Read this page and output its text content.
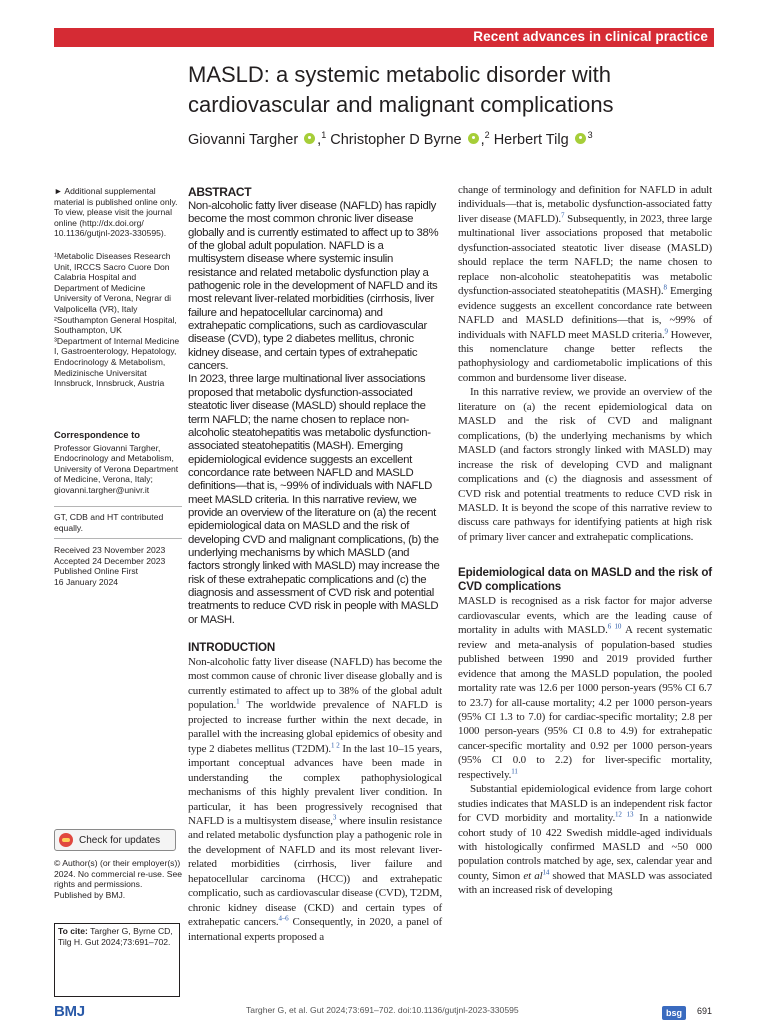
Recent advances in clinical practice
MASLD: a systemic metabolic disorder with cardiovascular and malignant complications
Giovanni Targher ,$^1$ Christopher D Byrne ,$^2$ Herbert Tilg $^3$

► Additional supplemental material is published online only. To view, please visit the journal online (http://dx.doi.org/ 10.1136/gutjnl-2023-330595).

¹Metabolic Diseases Research Unit, IRCCS Sacro Cuore Don Calabria Hospital and Department of Medicine University of Verona, Negrar di Valpolicella (VR), Italy

²Southampton General Hospital, Southampton, UK

³Department of Internal Medicine I, Gastroenterology, Hepatology, Endocrinology & Metabolism, Medizinische Universitat Innsbruck, Innsbruck, Austria

Correspondence to

Professor Giovanni Targher, Endocrinology and Metabolism, University of Verona Department of Medicine, Verona, Italy; giovanni.targher@univr.it

GT, CDB and HT contributed equally.

Received 23 November 2023

Accepted 24 December 2023

Published Online First

16 January 2024

Check for updates

© Author(s) (or their employer(s)) 2024. No commercial re-use. See rights and permissions. Published by BMJ.

To cite: Targher G, Byrne CD, Tilg H. Gut 2024;73:691–702.

ABSTRACT

Non-alcoholic fatty liver disease (NAFLD) has rapidly become the most common chronic liver disease globally and is currently estimated to affect up to 38% of the global adult population. NAFLD is a multisystem disease where systemic insulin resistance and related metabolic dysfunction play a pathogenic role in the development of NAFLD and its most relevant liver-related morbidities (cirrhosis, liver failure and hepatocellular carcinoma) and extrahepatic complications, such as cardiovascular disease (CVD), type 2 diabetes mellitus, chronic kidney disease, and certain types of extrahepatic cancers.

In 2023, three large multinational liver associations proposed that metabolic dysfunction-associated steatotic liver disease (MASLD) should replace the term NAFLD; the name chosen to replace non-alcoholic steatohepatitis was metabolic dysfunction-associated steatohepatitis (MASH). Emerging epidemiological evidence suggests an excellent concordance rate between NAFLD and MASLD definitions—that is, ~99% of individuals with NAFLD meet MASLD criteria. In this narrative review, we provide an overview of the literature on (a) the recent epidemiological data on MASLD and the risk of developing CVD and malignant complications, (b) the underlying mechanisms by which MASLD (and factors strongly linked with MASLD) may increase the risk of these extrahepatic complications and (c) the diagnosis and assessment of CVD risk and potential treatments to reduce CVD risk in people with MASLD or MASH.

INTRODUCTION

Non-alcoholic fatty liver disease (NAFLD) has become the most common cause of chronic liver disease globally and is currently estimated to affect up to 38% of the global adult population.$^1$ The worldwide prevalence of NAFLD is projected to increase further within the next decade, in parallel with the increasing global epidemics of obesity and type 2 diabetes mellitus (T2DM).$^{1 2}$ In the last 10–15 years, important conceptual advances have been made in understanding the complex pathophysiological mechanisms of this highly prevalent liver condition. In particular, it has been progressively recognised that NAFLD is a multisystem disease,$^3$ where insulin resistance and related metabolic dysfunction play a pathogenic role in the development of NAFLD and its most relevant liver-related morbidities (cirrhosis, liver failure and hepatocellular carcinoma (HCC)) and extrahepatic complicatio, such as cardiovascular disease (CVD), T2DM, chronic kidney disease (CKD) and certain types of extrahepatic cancers.$^{4-6}$ Consequently, in 2020, a panel of international experts proposed a

change of terminology and definition for NAFLD in adult individuals—that is, metabolic dysfunction-associated fatty liver disease (MAFLD).$^7$ Subsequently, in 2023, three large multinational liver associations proposed that metabolic dysfunction-associated steatotic liver disease (MASLD) should replace the term NAFLD; the name chosen to replace non-alcoholic steatohepatitis was metabolic dysfunction-associated steatohepatitis (MASH).$^8$ Emerging evidence suggests an excellent concordance rate between NAFLD and MASLD definitions—that is, ~99% of individuals with NAFLD meet MASLD criteria.$^9$ However, this nomenclature change better reflects the pathophysiology and cardiometabolic implications of this common and burdensome liver disease.

In this narrative review, we provide an overview of the literature on (a) the recent epidemiological data on MASLD and the risk of CVD and malignant complications, (b) the underlying mechanisms by which MASLD (and factors strongly linked with MASLD) may increase the risk of developing CVD and malignant complications and (c) the diagnosis and assessment of CVD risk and potential treatments to reduce CVD risk in MASLD. It is beyond the scope of this narrative review to discuss care pathways for identifying patients at high risk of primary liver cancer and extrahepatic complications.

Epidemiological data on MASLD and the risk of CVD complications

MASLD is recognised as a risk factor for major adverse cardiovascular events, which are the leading cause of mortality in adults with MASLD.$^{6 10}$ A recent systematic review and meta-analysis of population-based studies published between 1990 and 2019 provided further evidence that among the MASLD population, the pooled mortality rate was 12.6 per 1000 person-years (95% CI 6.7 to 23.7) for all-cause mortality; 4.2 per 1000 person-years (95% CI 1.3 to 7.0) for cardiac-specific mortality; 2.8 per 1000 person-years (95% CI 0.8 to 4.9) for extrahepatic cancer-specific mortality and 0.92 per 1000 person-years (95% CI 0.0 to 2.2) for liver-specific mortality, respectively.$^{11}$

Substantial epidemiological evidence from large cohort studies indicates that MASLD is an independent risk factor for CVD morbidity and mortality.$^{12 13}$ In a nationwide cohort study of 10 422 Swedish middle-aged individuals with histologically confirmed MASLD and ~50 000 population controls matched by age, sex, calendar year and county, Simon et $al^{14}$ showed that MASLD was associated with an increased risk of developing

BMJ	Targher G, et al. Gut 2024;73:691–702. doi:10.1136/gutjnl-2023-330595	bsg	691
